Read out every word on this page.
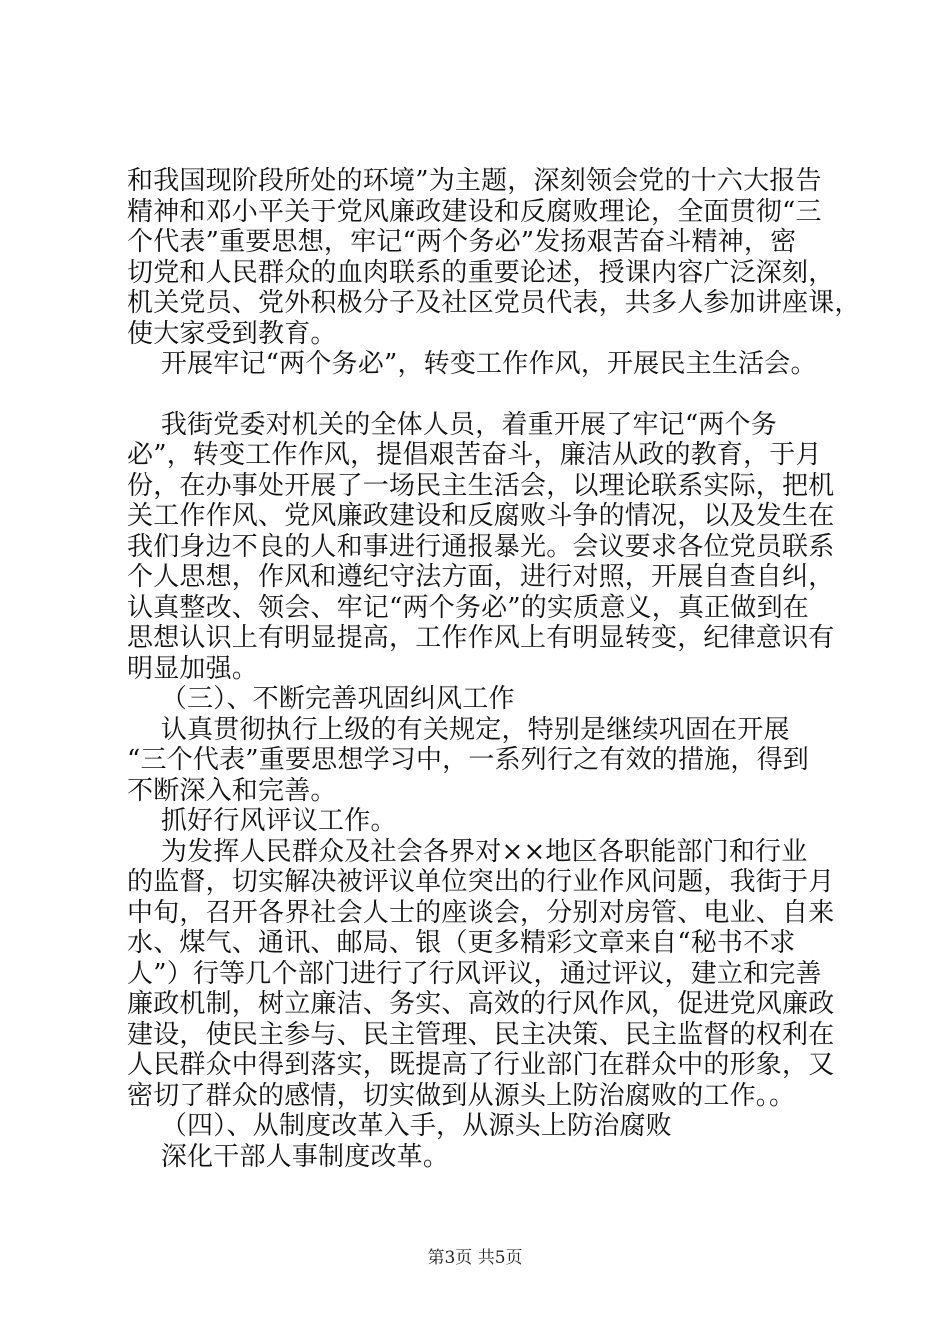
和我国现阶段所处的环境”为主题，深刻领会党的十六大报告
精神和邓小平关于党风廉政建设和反腐败理论，全面贯彻“三
个代表”重要思想，牢记“两个务必”发扬艰苦奋斗精神，密
切党和人民群众的血肉联系的重要论述，授课内容广泛深刻，
机关党员、党外积极分子及社区党员代表，共多人参加讲座课，
使大家受到教育。
开展牢记“两个务必”，转变工作作风，开展民主生活会。
我街党委对机关的全体人员，着重开展了牢记“两个务
必”，转变工作作风，提倡艰苦奋斗，廉洁从政的教育，于月
份，在办事处开展了一场民主生活会，以理论联系实际，把机
关工作作风、党风廉政建设和反腐败斗争的情况，以及发生在
我们身边不良的人和事进行通报暴光。会议要求各位党员联系
个人思想，作风和遵纪守法方面，进行对照，开展自查自纠，
认真整改、领会、牢记“两个务必”的实质意义，真正做到在
思想认识上有明显提高，工作作风上有明显转变，纪律意识有
明显加强。
（三）、不断完善巩固纠风工作
认真贯彻执行上级的有关规定，特别是继续巩固在开展
“三个代表”重要思想学习中，一系列行之有效的措施，得到
不断深入和完善。
抓好行风评议工作。
为发挥人民群众及社会各界对××地区各职能部门和行业
的监督，切实解决被评议单位突出的行业作风问题，我街于月
中旬，召开各界社会人士的座谈会，分别对房管、电业、自来
水、煤气、通讯、邮局、银（更多精彩文章来自“秘书不求
人”）行等几个部门进行了行风评议，通过评议，建立和完善
廉政机制，树立廉洁、务实、高效的行风作风，促进党风廉政
建设，使民主参与、民主管理、民主决策、民主监督的权利在
人民群众中得到落实，既提高了行业部门在群众中的形象，又
密切了群众的感情，切实做到从源头上防治腐败的工作。。
（四）、从制度改革入手，从源头上防治腐败
深化干部人事制度改革。
第3页 共5页
